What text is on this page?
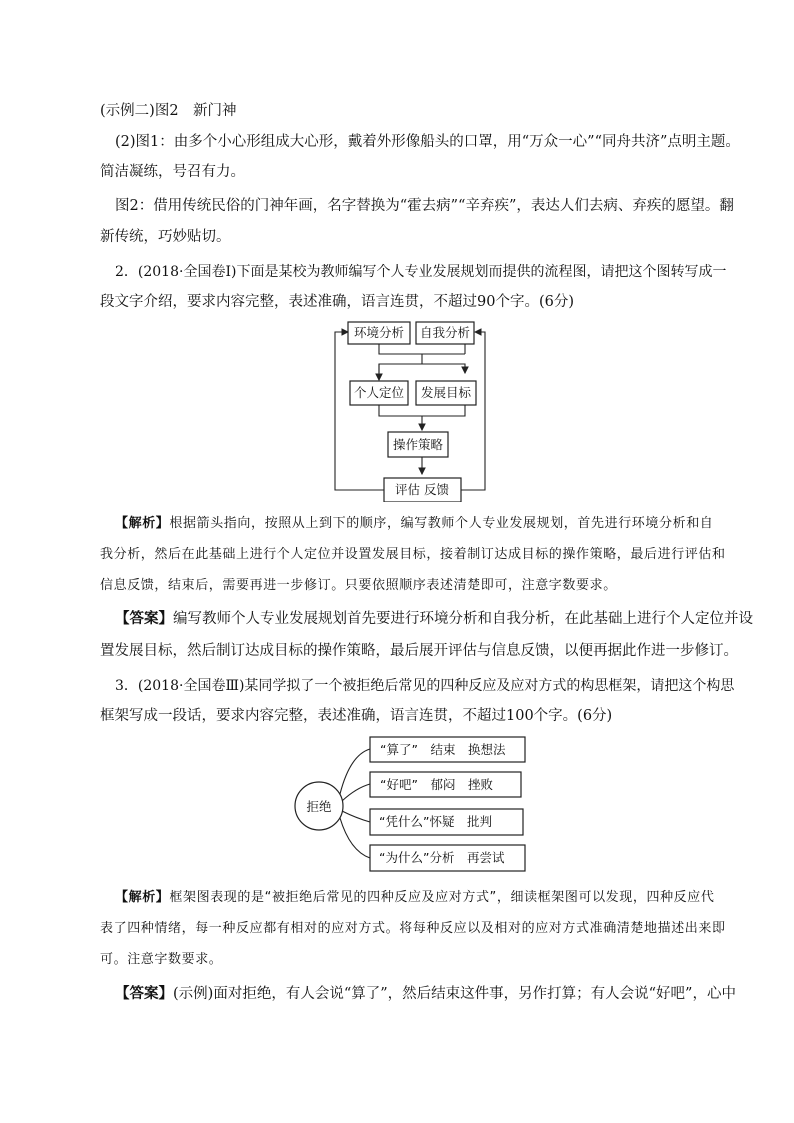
(示例二)图2　新门神
(2)图1：由多个小心形组成大心形，戴着外形像船头的口罩，用“万众一心”“同舟共济”点明主题。
简洁凝练，号召有力。
图2：借用传统民俗的门神年画，名字替换为“霍去病”“辛弃疾”，表达人们去病、弃疾的愿望。翻
新传统，巧妙贴切。
2．(2018·全国卷Ⅰ)下面是某校为教师编写个人专业发展规划而提供的流程图，请把这个图转写成一
段文字介绍，要求内容完整，表述准确，语言连贯，不超过90个字。(6分)
环境分析 自我分析
个人定位 发展目标
操作策略
评估 反馈
【解析】根据箭头指向，按照从上到下的顺序，编写教师个人专业发展规划，首先进行环境分析和自
我分析，然后在此基础上进行个人定位并设置发展目标，接着制订达成目标的操作策略，最后进行评估和
信息反馈，结束后，需要再进一步修订。只要依照顺序表述清楚即可，注意字数要求。
【答案】编写教师个人专业发展规划首先要进行环境分析和自我分析，在此基础上进行个人定位并设
置发展目标，然后制订达成目标的操作策略，最后展开评估与信息反馈，以便再据此作进一步修订。
3．(2018·全国卷Ⅲ)某同学拟了一个被拒绝后常见的四种反应及应对方式的构思框架，请把这个构思
框架写成一段话，要求内容完整，表述准确，语言连贯，不超过100个字。(6分)
拒绝
“算了”　结束　换想法
“好吧”　郁闷　挫败
“凭什么”怀疑　批判
“为什么”分析　再尝试
【解析】框架图表现的是“被拒绝后常见的四种反应及应对方式”，细读框架图可以发现，四种反应代
表了四种情绪，每一种反应都有相对的应对方式。将每种反应以及相对的应对方式准确清楚地描述出来即
可。注意字数要求。
【答案】(示例)面对拒绝，有人会说“算了”，然后结束这件事，另作打算；有人会说“好吧”，心中
